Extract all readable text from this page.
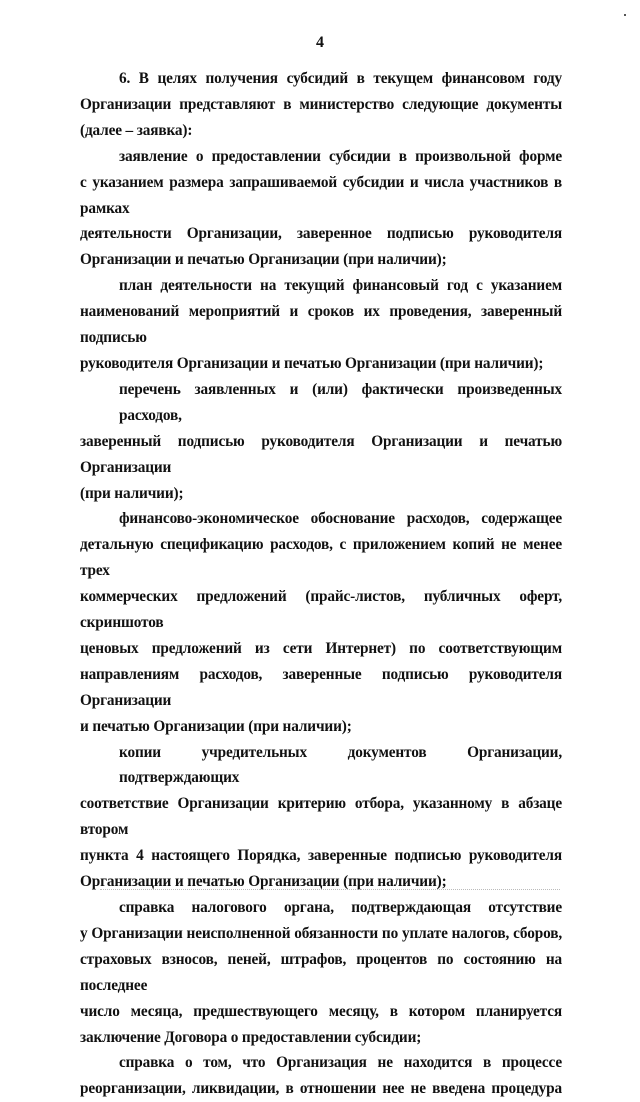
4

6. В целях получения субсидий в текущем финансовом году
Организации представляют в министерство следующие документы
(далее – заявка):

заявление о предоставлении субсидии в произвольной форме
с указанием размера запрашиваемой субсидии и числа участников в рамках
деятельности Организации, заверенное подписью руководителя
Организации и печатью Организации (при наличии);

план деятельности на текущий финансовый год с указанием
наименований мероприятий и сроков их проведения, заверенный подписью
руководителя Организации и печатью Организации (при наличии);

перечень заявленных и (или) фактически произведенных расходов,
заверенный подписью руководителя Организации и печатью Организации
(при наличии);

финансово-экономическое обоснование расходов, содержащее
детальную спецификацию расходов, с приложением копий не менее трех
коммерческих предложений (прайс-листов, публичных оферт, скриншотов
ценовых предложений из сети Интернет) по соответствующим
направлениям расходов, заверенные подписью руководителя Организации
и печатью Организации (при наличии);

копии учредительных документов Организации, подтверждающих
соответствие Организации критерию отбора, указанному в абзаце втором
пункта 4 настоящего Порядка, заверенные подписью руководителя
Организации и печатью Организации (при наличии);

справка налогового органа, подтверждающая отсутствие
у Организации неисполненной обязанности по уплате налогов, сборов,
страховых взносов, пеней, штрафов, процентов по состоянию на последнее
число месяца, предшествующего месяцу, в котором планируется
заключение Договора о предоставлении субсидии;

справка о том, что Организация не находится в процессе
реорганизации, ликвидации, в отношении нее не введена процедура
